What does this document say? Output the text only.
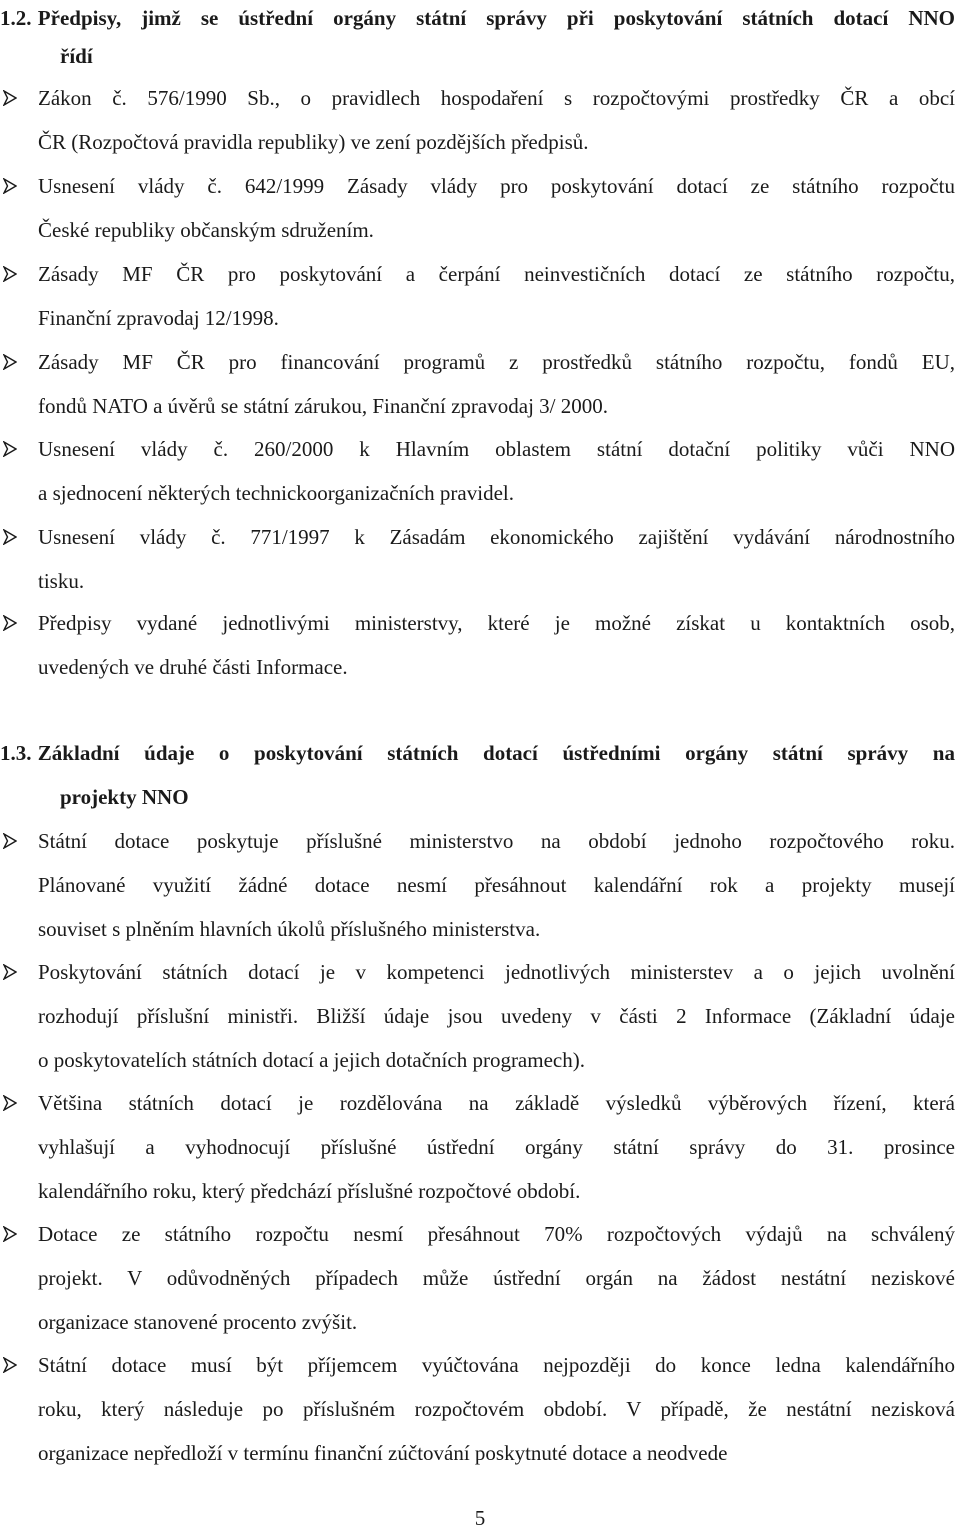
1.2. Předpisy, jimž se ústřední orgány státní správy při poskytování státních dotací NNO
řídí
Zákon č. 576/1990 Sb., o pravidlech hospodaření s rozpočtovými prostředky ČR a obcí
ČR (Rozpočtová pravidla republiky) ve zení pozdějších předpisů.
Usnesení vlády č. 642/1999 Zásady vlády pro poskytování dotací ze státního rozpočtu
České republiky občanským sdružením.
Zásady MF ČR pro poskytování a čerpání neinvestičních dotací ze státního rozpočtu,
Finanční zpravodaj 12/1998.
Zásady MF ČR pro financování programů z prostředků státního rozpočtu, fondů EU,
fondů NATO a úvěrů se státní zárukou, Finanční zpravodaj 3/ 2000.
Usnesení vlády č. 260/2000 k Hlavním oblastem státní dotační politiky vůči NNO
a sjednocení některých technickoorganizačních pravidel.
Usnesení vlády č. 771/1997 k Zásadám ekonomického zajištění vydávání národnostního
tisku.
Předpisy vydané jednotlivými ministerstvy, které je možné získat u kontaktních osob,
uvedených ve druhé části Informace.
1.3. Základní údaje o poskytování státních dotací ústředními orgány státní správy na
projekty NNO
Státní dotace poskytuje příslušné ministerstvo na období jednoho rozpočtového roku.
Plánované využití žádné dotace nesmí přesáhnout kalendářní rok a projekty musejí
souviset s plněním hlavních úkolů příslušného ministerstva.
Poskytování státních dotací je v kompetenci jednotlivých ministerstev a o jejich uvolnění
rozhodují příslušní ministři. Bližší údaje jsou uvedeny v části 2 Informace (Základní údaje
o poskytovatelích státních dotací a jejich dotačních programech).
Většina státních dotací je rozdělována na základě výsledků výběrových řízení, která
vyhlašují a vyhodnocují příslušné ústřední orgány státní správy do 31. prosince
kalendářního roku, který předchází příslušné rozpočtové období.
Dotace ze státního rozpočtu nesmí přesáhnout 70% rozpočtových výdajů na schválený
projekt. V odůvodněných případech může ústřední orgán na žádost nestátní neziskové
organizace stanovené procento zvýšit.
Státní dotace musí být příjemcem vyúčtována nejpozději do konce ledna kalendářního
roku, který následuje po příslušném rozpočtovém období. V případě, že nestátní nezisková
organizace nepředloží v termínu finanční zúčtování poskytnuté dotace a neodvede
5
